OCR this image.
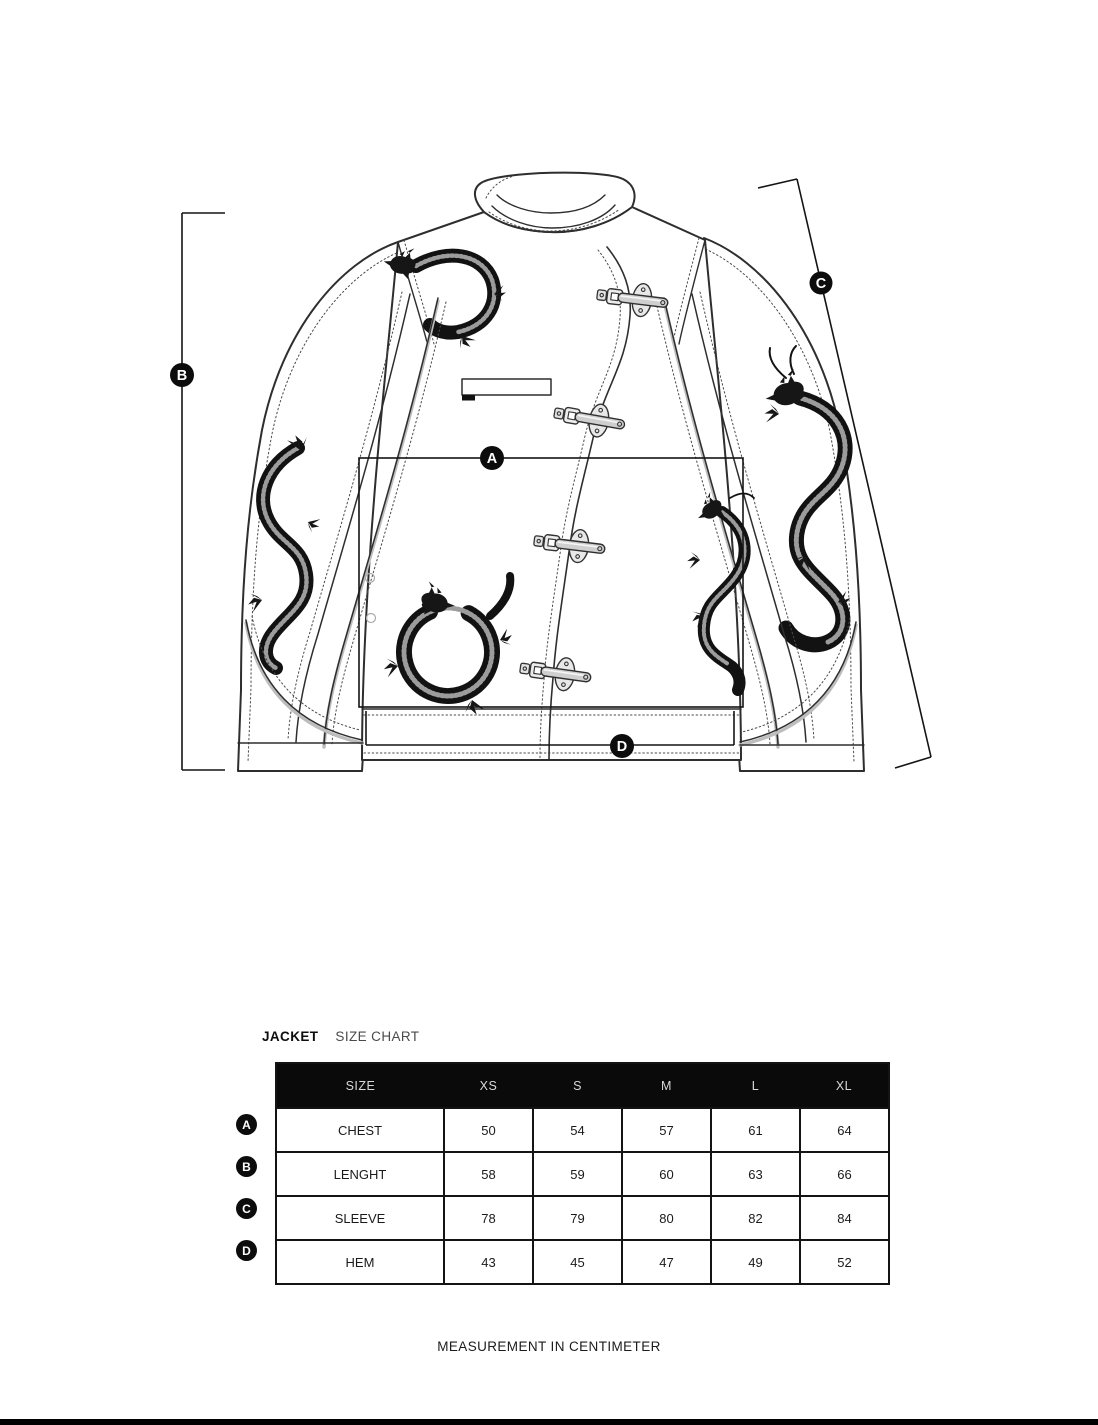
A
B
C
D
JACKET SIZE CHART
SIZE	XS	S	M	L	XL
CHEST	50	54	57	61	64
LENGHT	58	59	60	63	66
SLEEVE	78	79	80	82	84
HEM	43	45	47	49	52
A
B
C
D
MEASUREMENT IN CENTIMETER
